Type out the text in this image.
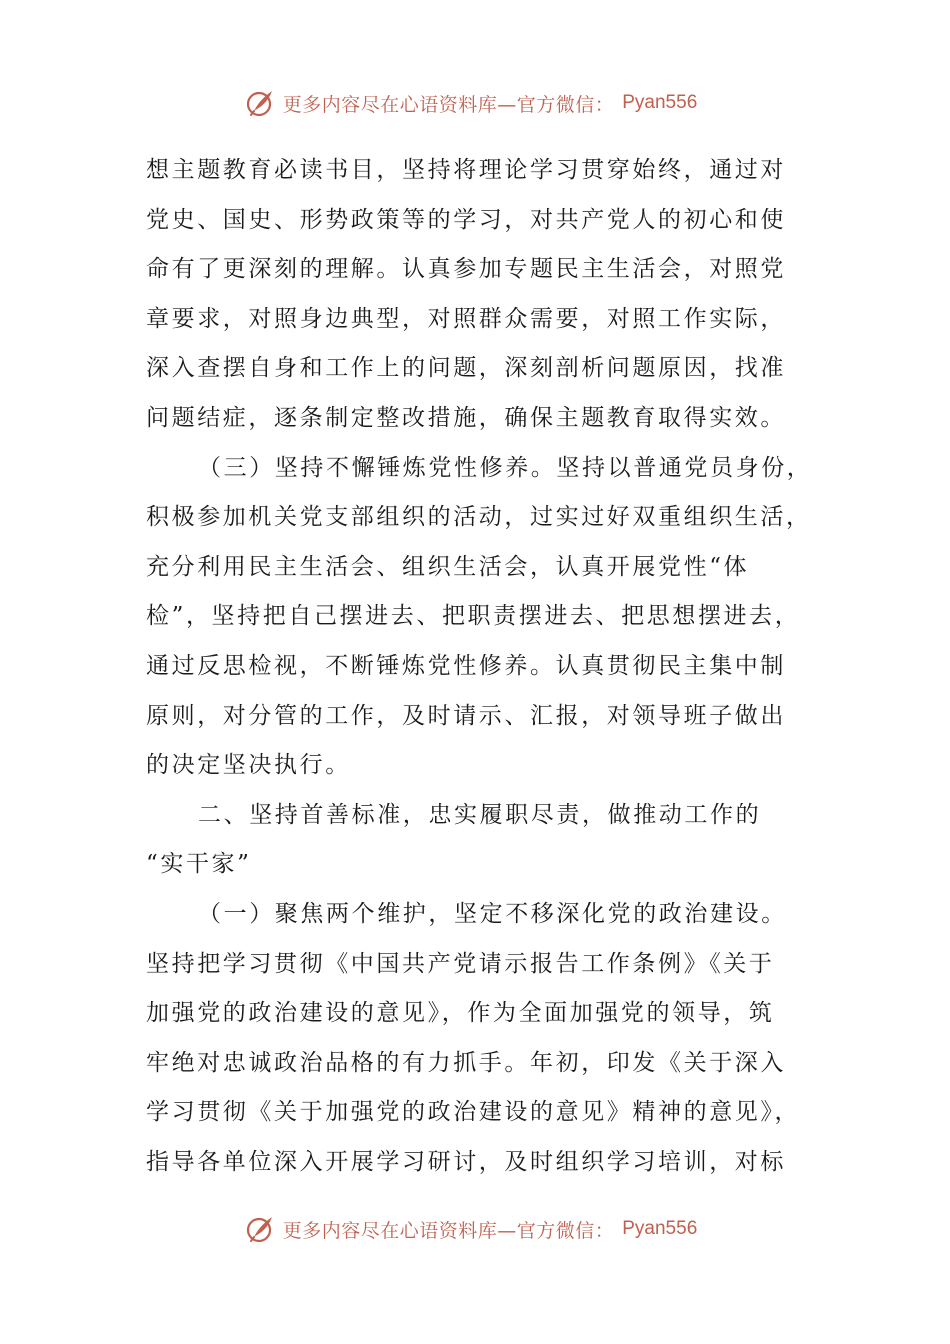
更多内容尽在心语资料库—官方微信： Pyan556
想主题教育必读书目，坚持将理论学习贯穿始终，通过对
党史、国史、形势政策等的学习，对共产党人的初心和使
命有了更深刻的理解。认真参加专题民主生活会，对照党
章要求，对照身边典型，对照群众需要，对照工作实际，
深入查摆自身和工作上的问题，深刻剖析问题原因，找准
问题结症，逐条制定整改措施，确保主题教育取得实效。
（三）坚持不懈锤炼党性修养。坚持以普通党员身份，
积极参加机关党支部组织的活动，过实过好双重组织生活，
充分利用民主生活会、组织生活会，认真开展党性“体
检”，坚持把自己摆进去、把职责摆进去、把思想摆进去，
通过反思检视，不断锤炼党性修养。认真贯彻民主集中制
原则，对分管的工作，及时请示、汇报，对领导班子做出
的决定坚决执行。
二、坚持首善标准，忠实履职尽责，做推动工作的
“实干家”
（一）聚焦两个维护，坚定不移深化党的政治建设。
坚持把学习贯彻《中国共产党请示报告工作条例》《关于
加强党的政治建设的意见》，作为全面加强党的领导，筑
牢绝对忠诚政治品格的有力抓手。年初，印发《关于深入
学习贯彻《关于加强党的政治建设的意见》精神的意见》，
指导各单位深入开展学习研讨，及时组织学习培训，对标
更多内容尽在心语资料库—官方微信： Pyan556
